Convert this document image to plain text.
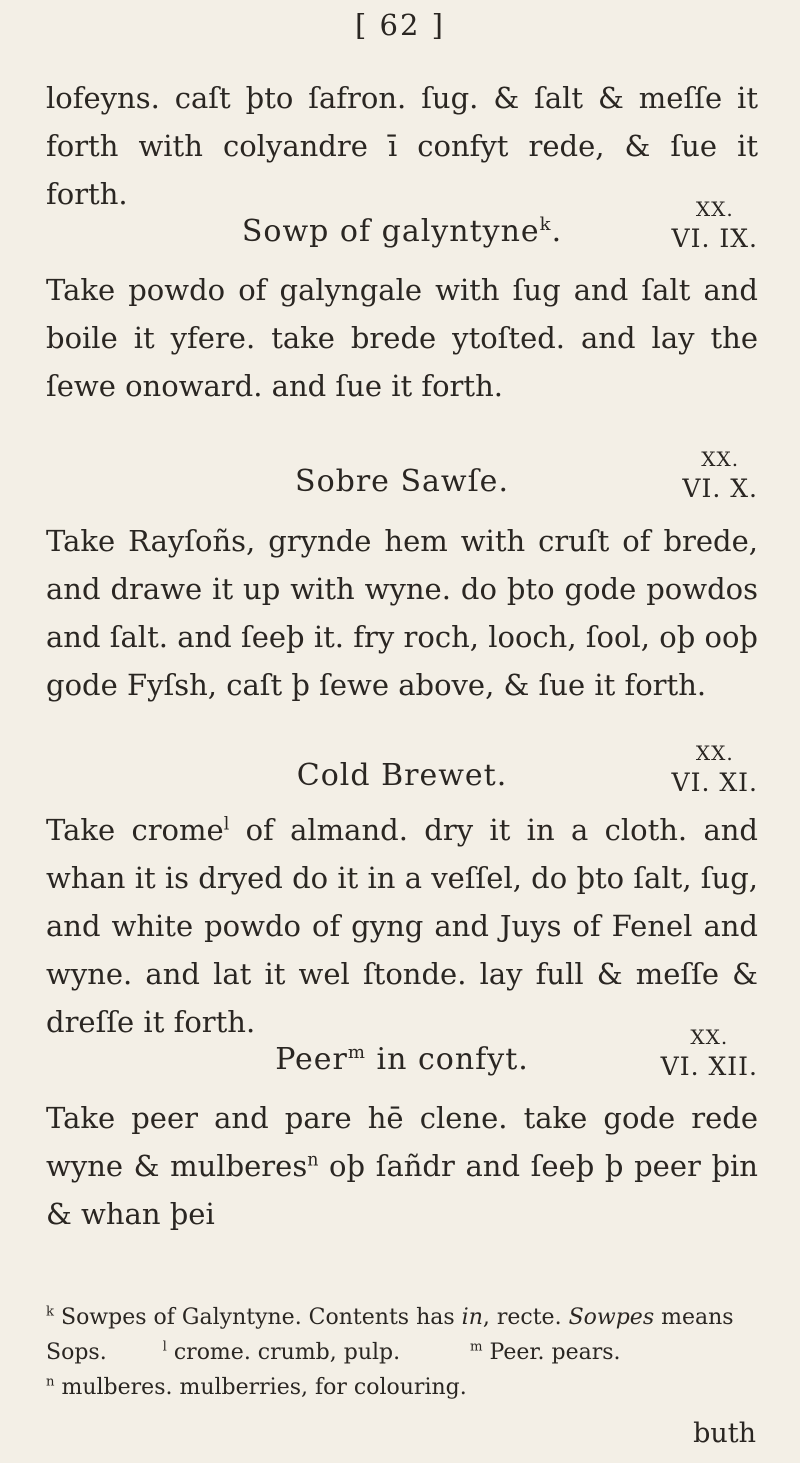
[ 62 ]

lofeyns. caſt þto ſafron. ſug. & ſalt & meſſe it forth with colyandre ī confyt rede, & ſue it forth.

Sowp of galyntyne$^k$.
XX.
VI. IX.

Take powdo of galyngale with ſug and ſalt and boile it yfere. take brede ytoſted. and lay the ſewe onoward. and ſue it forth.

Sobre Sawſe.
XX.
VI. X.

Take Rayſoñs, grynde hem with cruſt of brede, and drawe it up with wyne. do þto gode powdos and ſalt. and ſeeþ it. fry roch, looch, ſool, oþ ooþ gode Fyſsh, caſt þ ſewe above, & ſue it forth.

Cold Brewet.
XX.
VI. XI.

Take crome$^l$ of almand. dry it in a cloth. and whan it is dryed do it in a veſſel, do þto ſalt, ſug, and white powdo of gyng and Juys of Fenel and wyne. and lat it wel ſtonde. lay full & meſſe & dreſſe it forth.

Peer$^m$ in confyt.
XX.
VI. XII.

Take peer and pare hē clene. take gode rede wyne & mulberes$^n$ oþ ſañdr and ſeeþ þ peer þin & whan þei

$^k$ Sowpes of Galyntyne. Contents has in, recte. Sowpes means
Sops.	$^l$ crome. crumb, pulp.	$^m$ Peer. pears.
$^n$ mulberes. mulberries, for colouring.
buth
